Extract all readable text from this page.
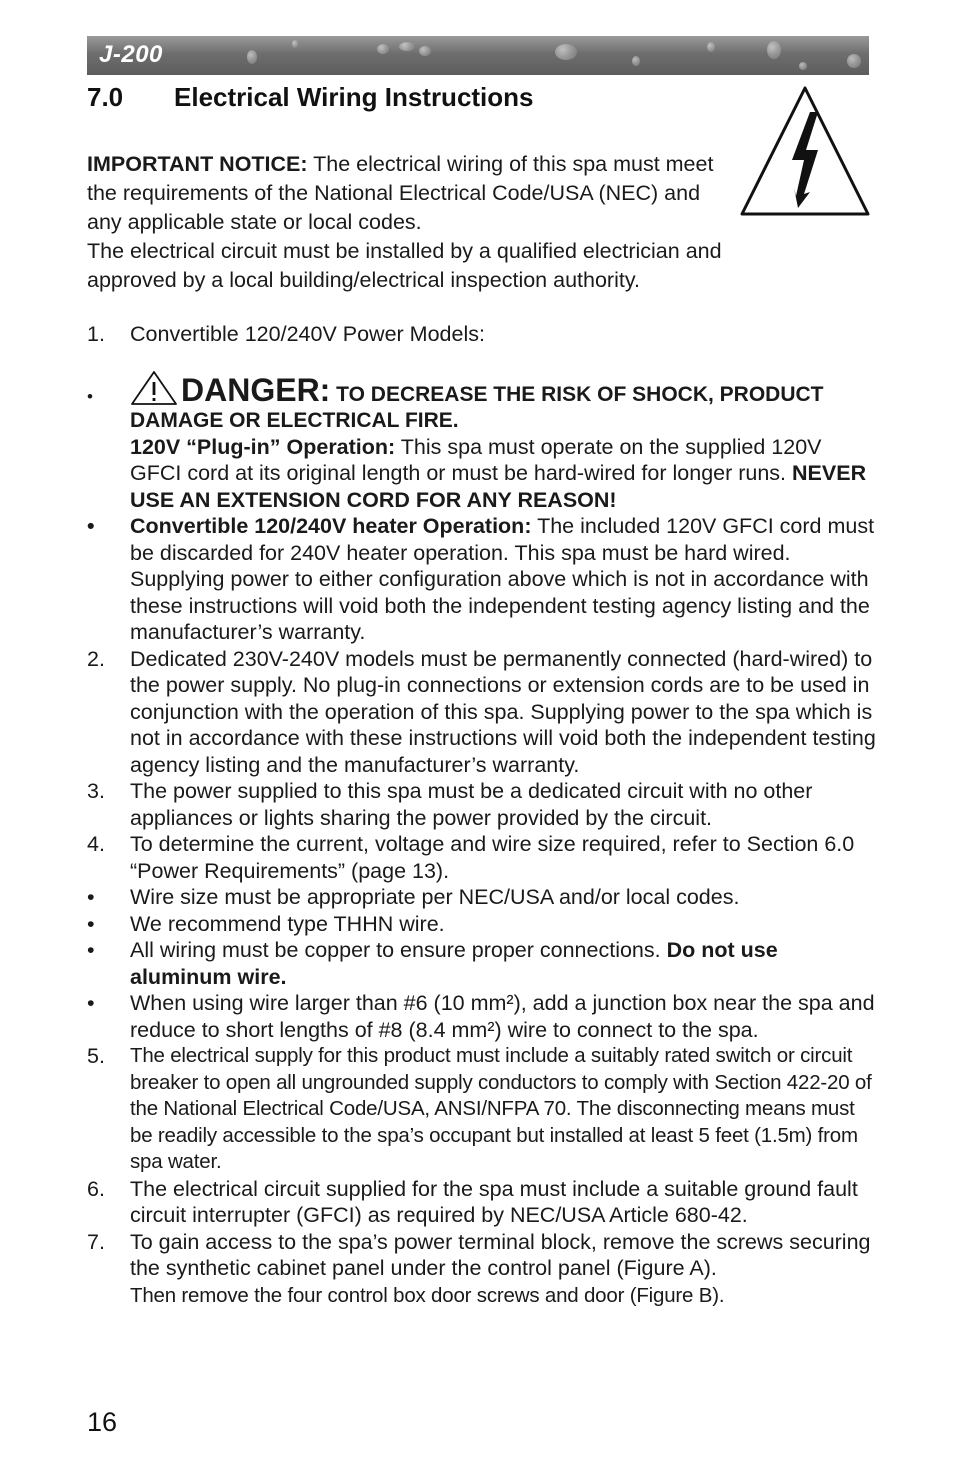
J-200
7.0 Electrical Wiring Instructions
IMPORTANT NOTICE: The electrical wiring of this spa must meet the requirements of the National Electrical Code/USA (NEC) and any applicable state or local codes.
The electrical circuit must be installed by a qualified electrician and approved by a local building/electrical inspection authority.
1.	Convertible 120/240V Power Models:
•	DANGER: TO DECREASE THE RISK OF SHOCK, PRODUCT DAMAGE OR ELECTRICAL FIRE.
120V “Plug-in” Operation: This spa must operate on the supplied 120V GFCI cord at its original length or must be hard-wired for longer runs. NEVER USE AN EXTENSION CORD FOR ANY REASON!
•	Convertible 120/240V heater Operation: The included 120V GFCI cord must be discarded for 240V heater operation. This spa must be hard wired. Supplying power to either configuration above which is not in accordance with these instructions will void both the independent testing agency listing and the manufacturer’s warranty.
2.	Dedicated 230V-240V models must be permanently connected (hard-wired) to the power supply. No plug-in connections or extension cords are to be used in conjunction with the operation of this spa. Supplying power to the spa which is not in accordance with these instructions will void both the independent testing agency listing and the manufacturer’s warranty.
3.	The power supplied to this spa must be a dedicated circuit with no other appliances or lights sharing the power provided by the circuit.
4.	To determine the current, voltage and wire size required, refer to Section 6.0 “Power Requirements” (page 13).
•	Wire size must be appropriate per NEC/USA and/or local codes.
•	We recommend type THHN wire.
•	All wiring must be copper to ensure proper connections. Do not use aluminum wire.
•	When using wire larger than #6 (10 mm²), add a junction box near the spa and reduce to short lengths of #8 (8.4 mm²) wire to connect to the spa.
5.	The electrical supply for this product must include a suitably rated switch or circuit breaker to open all ungrounded supply conductors to comply with Section 422-20 of the National Electrical Code/USA, ANSI/NFPA 70. The disconnecting means must be readily accessible to the spa’s occupant but installed at least 5 feet (1.5m) from spa water.
6.	The electrical circuit supplied for the spa must include a suitable ground fault circuit interrupter (GFCI) as required by NEC/USA Article 680-42.
7.	To gain access to the spa’s power terminal block, remove the screws securing the synthetic cabinet panel under the control panel (Figure A).
Then remove the four control box door screws and door (Figure B).
16
